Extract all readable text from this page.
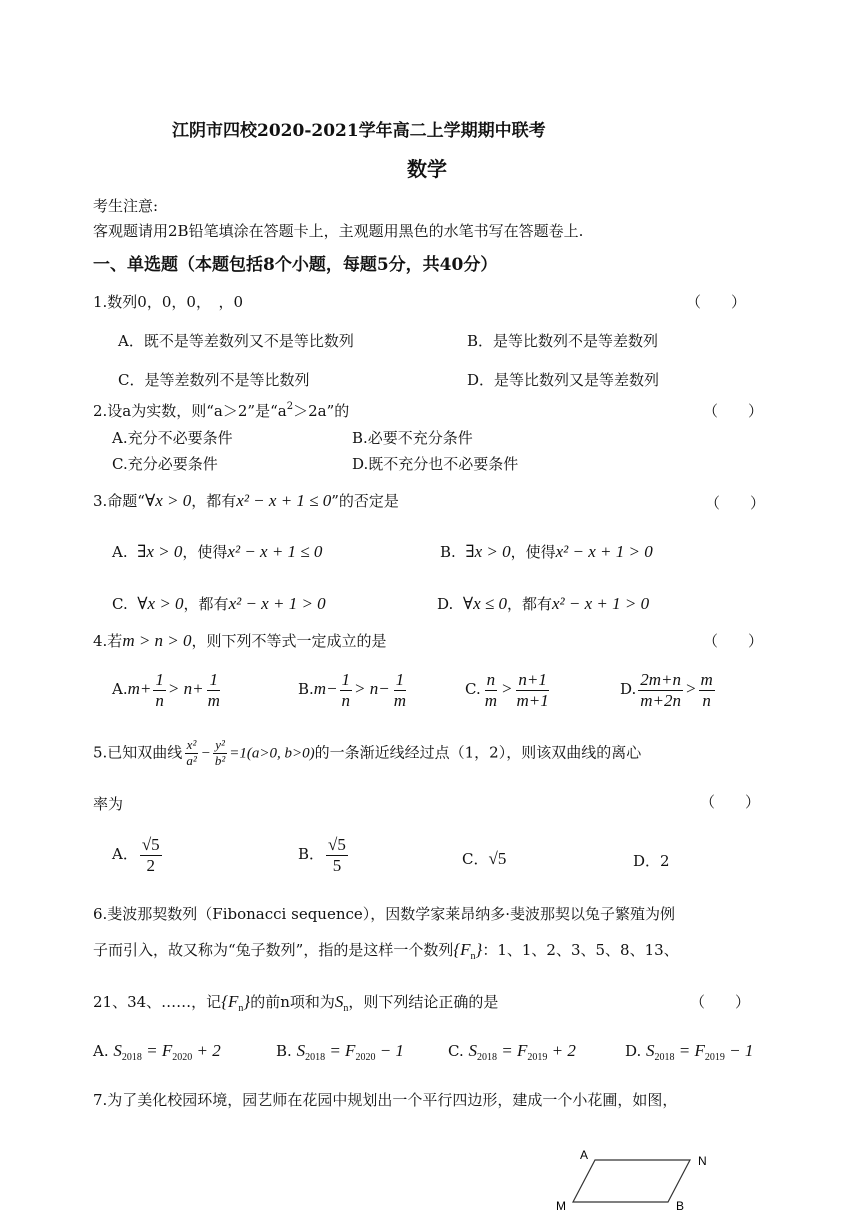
江阴市四校2020-2021学年高二上学期期中联考
数学
考生注意:
客观题请用2B铅笔填涂在答题卡上，主观题用黑色的水笔书写在答题卷上.
一、单选题（本题包括8个小题，每题5分，共40分）
1.数列0，0，0，　，0	（　　）
A．既不是等差数列又不是等比数列	B．是等比数列不是等差数列
C．是等差数列不是等比数列	D．是等比数列又是等差数列
2.设a为实数，则“a＞2”是“$a^2>2a$”的	（　　）
A.充分不必要条件	B.必要不充分条件
C.充分必要条件	D.既不充分也不必要条件
3.命题“∀x > 0，都有x² − x + 1 ≤ 0”的否定是	（　　）
A. ∃x > 0，使得x² − x + 1 ≤ 0	B. ∃x > 0，使得x² − x + 1 > 0
C. ∀x > 0，都有x² − x + 1 > 0	D. ∀x ≤ 0，都有x² − x + 1 > 0
4.若m > n > 0，则下列不等式一定成立的是	（　　）
$A.m+ \frac{1}{n} > n+ \frac{1}{m}$	$B.m- \frac{1}{n} > n- \frac{1}{m}$	C. $\frac{n}{m} > \frac{n+1}{m+1}$	D. $\frac{2m+n}{m+2n} > \frac{m}{n}$
5.已知双曲线 $\frac{\text{x²}}{\text{a²}} - \frac{\text{y²}}{\text{b²}} =1(a>0$, b>0)的一条渐近线经过点（1，2），则该双曲线的离心
率为	（　　）
A． $\frac{√5}{2}$	B． $\frac{√5}{5}$	C．√5	D．2
6.斐波那契数列（Fibonacci sequence），因数学家莱昂纳多·斐波那契以兔子繁殖为例
子而引入，故又称为“兔子数列”，指的是这样一个数列$\{F_n\}$：1、1、2、3、5、8、13、
21、34、……，记$\{F_n\}$的前n项和为$S_n$，则下列结论正确的是	（　　）
A. $S_{2018} = F_{2020} + 2$	B. $S_{2018} = F_{2020} - 1$	C. $S_{2018} = F_{2019} + 2$	D. $S_{2018} = F_{2019} - 1$
7.为了美化校园环境，园艺师在花园中规划出一个平行四边形，建成一个小花圃，如图，
A	N
M	B
